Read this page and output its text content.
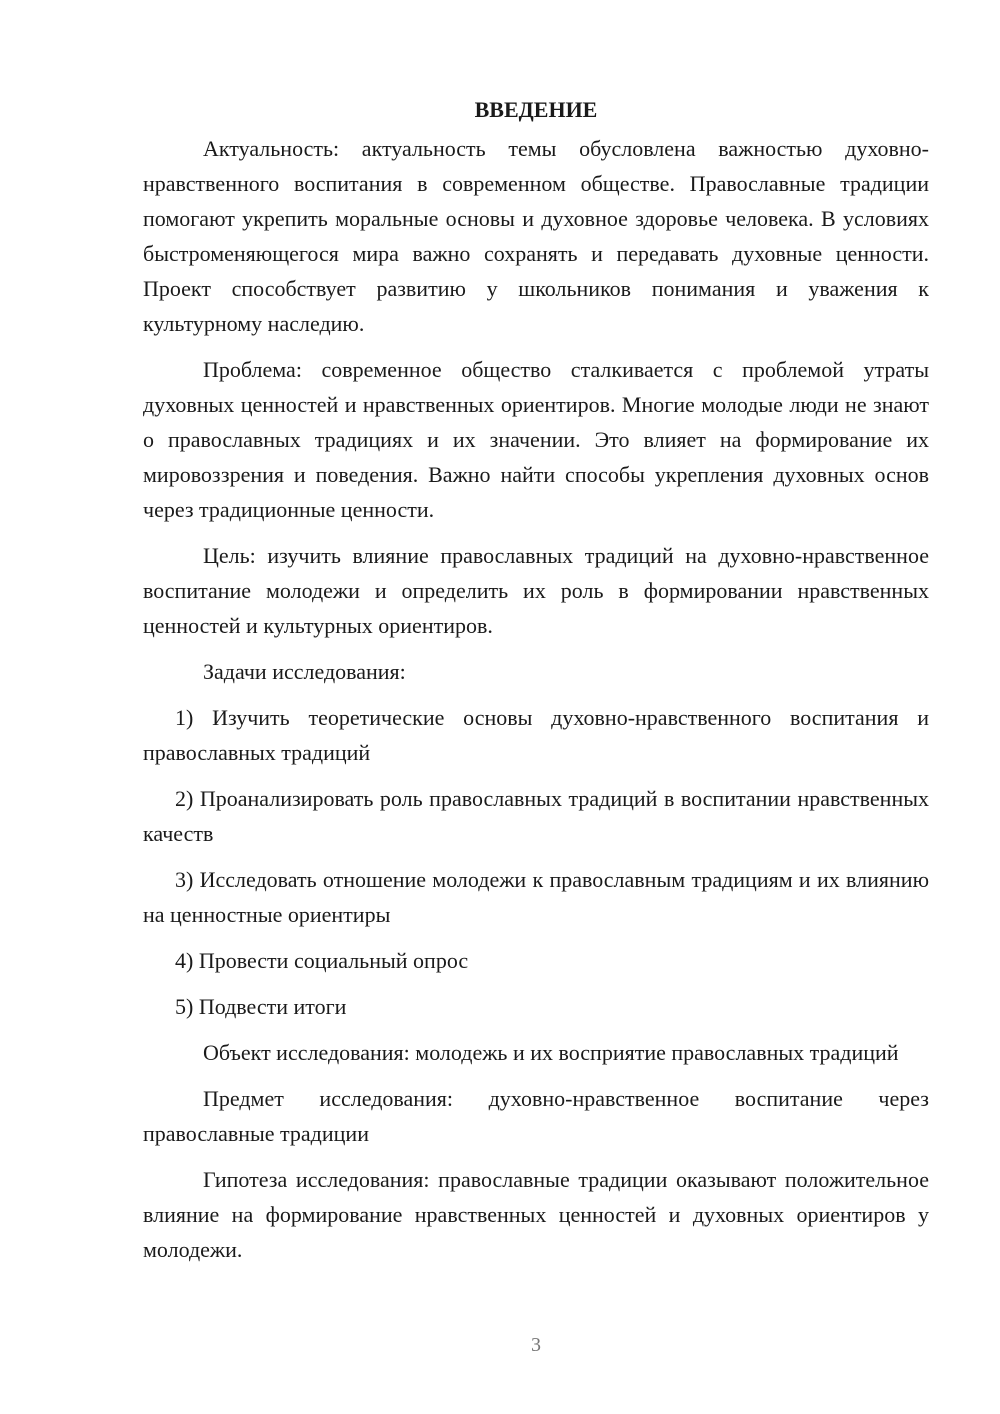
ВВЕДЕНИЕ

Актуальность: актуальность темы обусловлена важностью духовно-нравственного воспитания в современном обществе. Православные традиции помогают укрепить моральные основы и духовное здоровье человека. В условиях быстроменяющегося мира важно сохранять и передавать духовные ценности. Проект способствует развитию у школьников понимания и уважения к культурному наследию.

Проблема: современное общество сталкивается с проблемой утраты духовных ценностей и нравственных ориентиров. Многие молодые люди не знают о православных традициях и их значении. Это влияет на формирование их мировоззрения и поведения. Важно найти способы укрепления духовных основ через традиционные ценности.

Цель: изучить влияние православных традиций на духовно-нравственное воспитание молодежи и определить их роль в формировании нравственных ценностей и культурных ориентиров.

Задачи исследования:

1) Изучить теоретические основы духовно-нравственного воспитания и православных традиций

2) Проанализировать роль православных традиций в воспитании нравственных качеств

3) Исследовать отношение молодежи к православным традициям и их влиянию на ценностные ориентиры

4) Провести социальный опрос

5) Подвести итоги

Объект исследования: молодежь и их восприятие православных традиций

Предмет исследования: духовно-нравственное воспитание через православные традиции

Гипотеза исследования: православные традиции оказывают положительное влияние на формирование нравственных ценностей и духовных ориентиров у молодежи.

3
